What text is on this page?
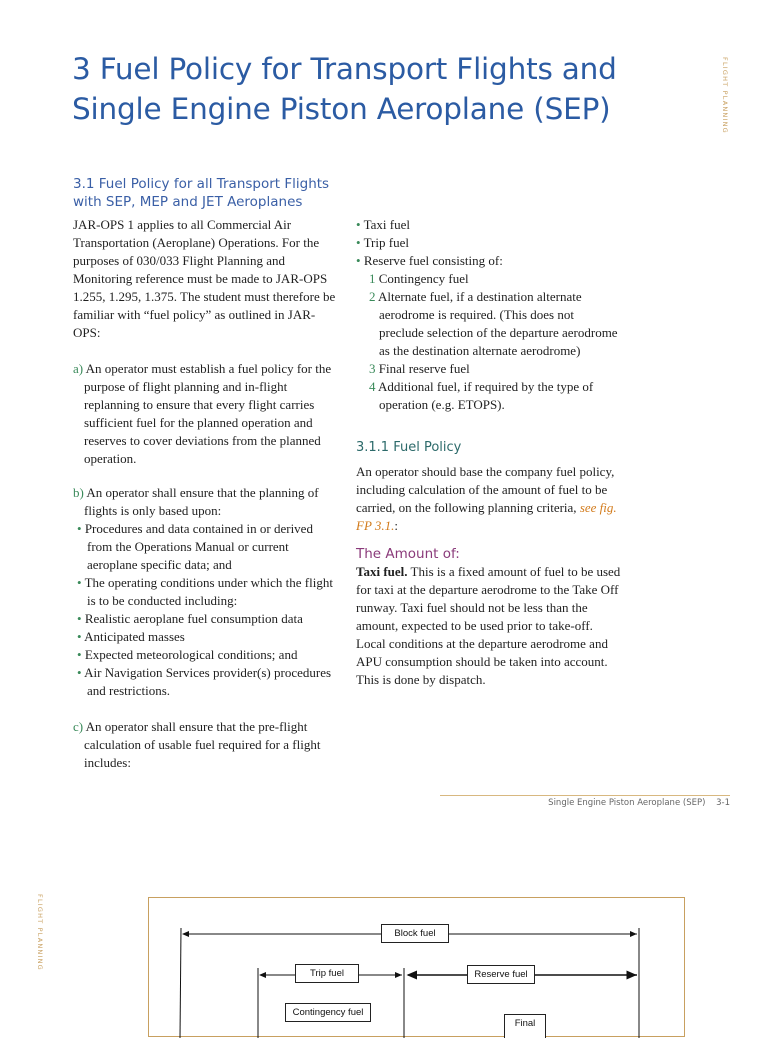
3 Fuel Policy for Transport Flights and Single Engine Piston Aeroplane (SEP)	FLIGHT PLANNING
FLIGHT PLANNING
3.1 Fuel Policy for all Transport Flights with SEP, MEP and JET Aeroplanes

JAR-OPS 1 applies to all Commercial Air Transportation (Aeroplane) Operations. For the purposes of 030/033 Flight Planning and Monitoring reference must be made to JAR-OPS 1.255, 1.295, 1.375. The student must therefore be familiar with “fuel policy” as outlined in JAR-OPS:

a) An operator must establish a fuel policy for the purpose of flight planning and in-flight replanning to ensure that every flight carries sufficient fuel for the planned operation and reserves to cover deviations from the planned operation.
b) An operator shall ensure that the planning of flights is only based upon:
• Procedures and data contained in or derived from the Operations Manual or current aeroplane specific data; and
• The operating conditions under which the flight is to be conducted including:
• Realistic aeroplane fuel consumption data
• Anticipated masses
• Expected meteorological conditions; and
• Air Navigation Services provider(s) procedures and restrictions.
c) An operator shall ensure that the pre-flight calculation of usable fuel required for a flight includes:
• Taxi fuel
• Trip fuel
• Reserve fuel consisting of:
1 Contingency fuel
2 Alternate fuel, if a destination alternate aerodrome is required. (This does not preclude selection of the departure aerodrome as the destination alternate aerodrome)
3 Final reserve fuel
4 Additional fuel, if required by the type of operation (e.g. ETOPS).
3.1.1 Fuel Policy

An operator should base the company fuel policy, including calculation of the amount of fuel to be carried, on the following planning criteria, see fig. FP 3.1.:

The Amount of:

Taxi fuel. This is a fixed amount of fuel to be used for taxi at the departure aerodrome to the Take Off runway. Taxi fuel should not be less than the amount, expected to be used prior to take-off. Local conditions at the departure aerodrome and APU consumption should be taken into account. This is done by dispatch.

Single Engine Piston Aeroplane (SEP) 3-1
Block fuel
Trip fuel	Reserve fuel
Contingency fuel
Final
